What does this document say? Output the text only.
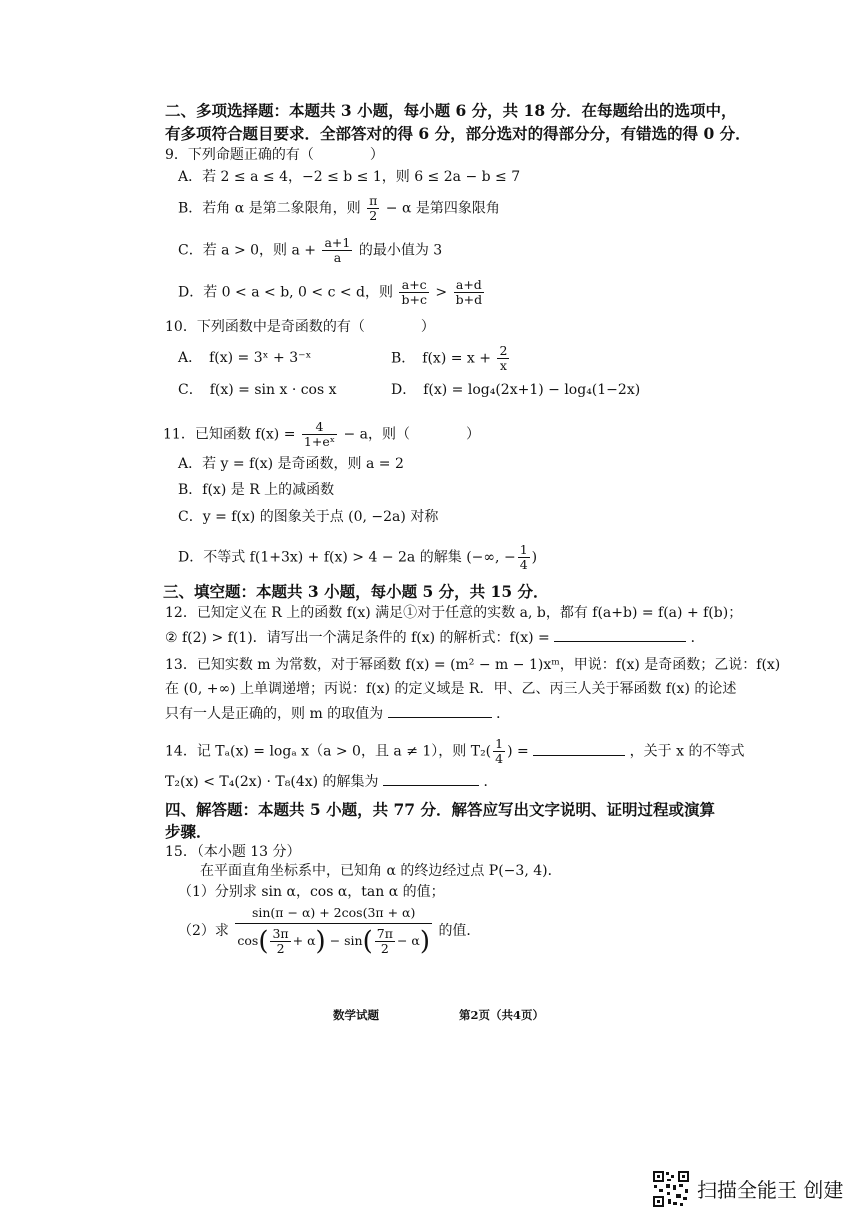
二、多项选择题：本题共 3 小题，每小题 6 分，共 18 分．在每题给出的选项中，
有多项符合题目要求．全部答对的得 6 分，部分选对的得部分分，有错选的得 0 分．
9．下列命题正确的有（　　　　）
A．若 2 ≤ a ≤ 4，−2 ≤ b ≤ 1，则 6 ≤ 2a − b ≤ 7
B．若角 α 是第二象限角，则 $\frac{\pi}{2} - \alpha$ 是第四象限角
C．若 a > 0，则 $a + \frac{a+1}{a}$ 的最小值为 3
D．若 0 < a < b, 0 < c < d，则 $\frac{a+c}{b+c} > \frac{a+d}{b+d}$
10．下列函数中是奇函数的有（　　　　）
A．　f(x) = 3ˣ + 3⁻ˣ	B．　$f(x) = x + \frac{2}{x}$
C．　f(x) = sin x · cos x	D．　f(x) = log₄(2x+1) − log₄(1−2x)
11．已知函数 $f(x) = \frac{4}{\text{1+eˣ}} - a$，则（　　　　）
A．若 y = f(x) 是奇函数，则 a = 2
B．f(x) 是 R 上的减函数
C．y = f(x) 的图象关于点 (0, −2a) 对称
D．不等式 f(1+3x) + f(x) > 4 − 2a 的解集 (−∞, − $\frac{1}{4}$ )
三、填空题：本题共 3 小题，每小题 5 分，共 15 分．
12．已知定义在 R 上的函数 f(x) 满足①对于任意的实数 a, b，都有 f(a+b) = f(a) + f(b)；
② f(2) > f(1)．请写出一个满足条件的 f(x) 的解析式：f(x) =	．
13．已知实数 m 为常数，对于幂函数 f(x) = (m² − m − 1)xᵐ，甲说：f(x) 是奇函数；乙说：f(x)
在 (0, +∞) 上单调递增；丙说：f(x) 的定义域是 R．甲、乙、丙三人关于幂函数 f(x) 的论述
只有一人是正确的，则 m 的取值为	．
14．记 Tₐ(x) = logₐ x（a > 0，且 a ≠ 1），则 $T_2( \frac{1}{4}$ ) =	，关于 x 的不等式
T₂(x) < T₄(2x) · T₈(4x) 的解集为	．
四、解答题：本题共 5 小题，共 77 分．解答应写出文字说明、证明过程或演算
步骤．
15．（本小题 13 分）
在平面直角坐标系中，已知角 α 的终边经过点 P(−3, 4)．
（1）分别求 sin α，cos α，tan α 的值；
（2）求 $\frac{\sin(\pi - \alpha) + 2\cos(3\pi + \alpha)}{\cos( \frac{3\pi}{2} + \alpha) - \sin( \frac{7\pi}{2} - \alpha)}$ 的值．
数学试题	第2页（共4页）
扫描全能王 创建
